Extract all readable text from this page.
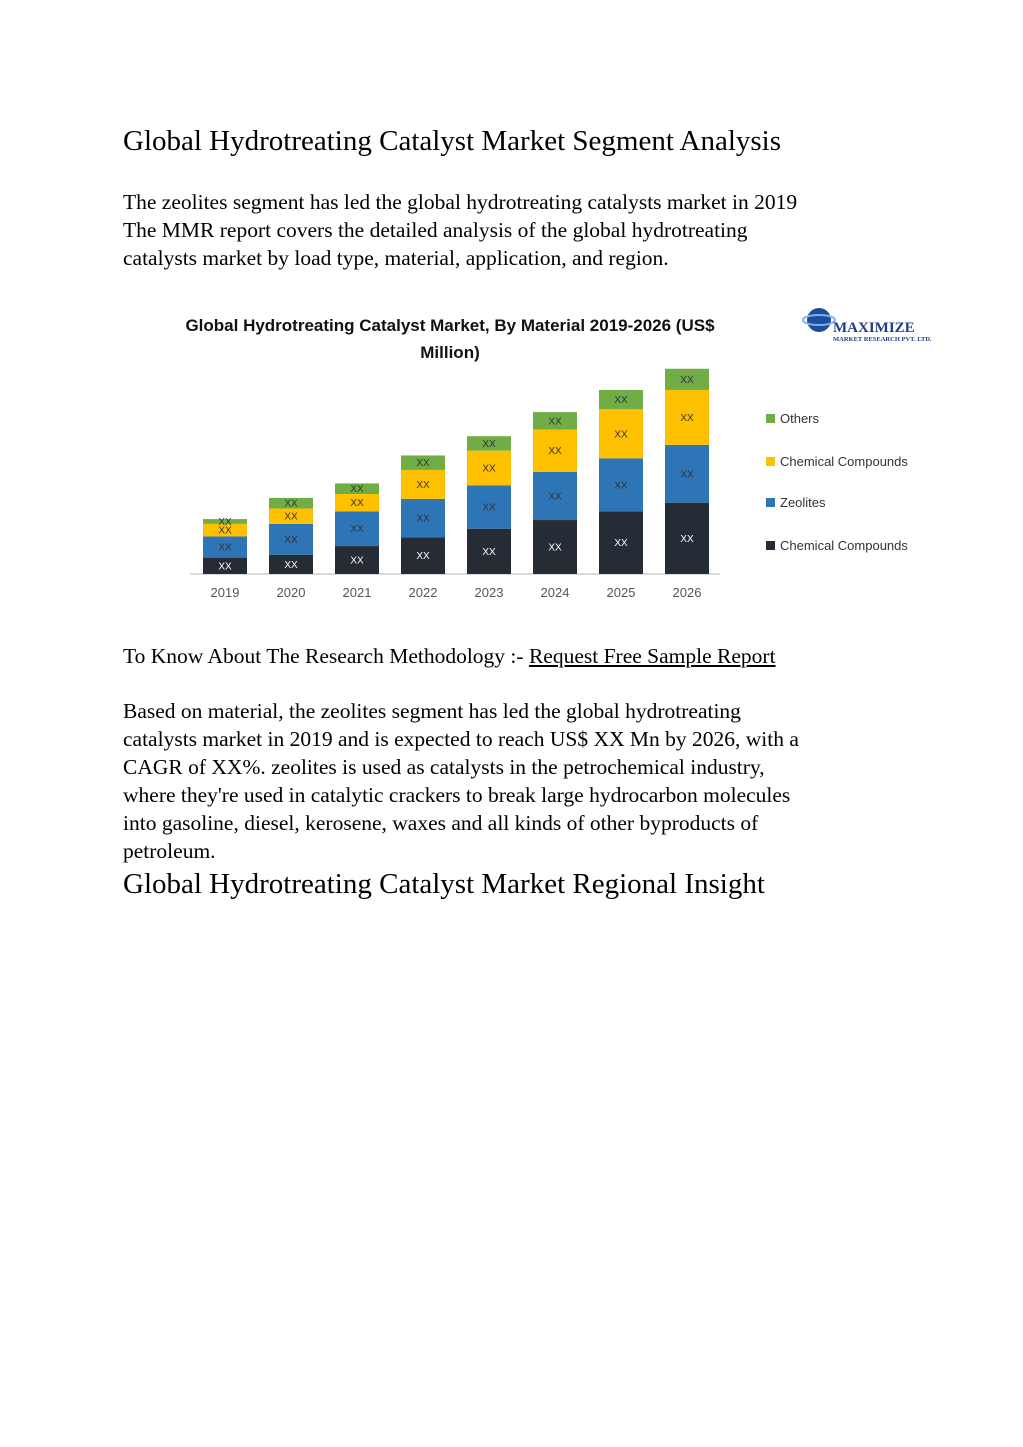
Global Hydrotreating Catalyst Market Segment Analysis

The zeolites segment has led the global hydrotreating catalysts market in 2019
The MMR report covers the detailed analysis of the global hydrotreating
catalysts market by load type, material, application, and region.

Global Hydrotreating Catalyst Market, By Material 2019-2026 (US$
Million)
XX
XX
XX
XX
XX
XX
XX
XX
XX
XX
XX
XX
XX
XX
XX
XX
XX
XX
XX
XX
XX
XX
XX
XX
XX
XX
XX
XX
XX
XX
XX
XX
2019	2020	2021	2022	2023	2024	2025	2026
Others
Chemical Compounds
Zeolites
Chemical Compounds
MAXIMIZE
MARKET RESEARCH PVT. LTD.

To Know About The Research Methodology :- Request Free Sample Report

Based on material, the zeolites segment has led the global hydrotreating
catalysts market in 2019 and is expected to reach US$ XX Mn by 2026, with a
CAGR of XX%. zeolites is used as catalysts in the petrochemical industry,
where they're used in catalytic crackers to break large hydrocarbon molecules
into gasoline, diesel, kerosene, waxes and all kinds of other byproducts of
petroleum.

Global Hydrotreating Catalyst Market Regional Insight
